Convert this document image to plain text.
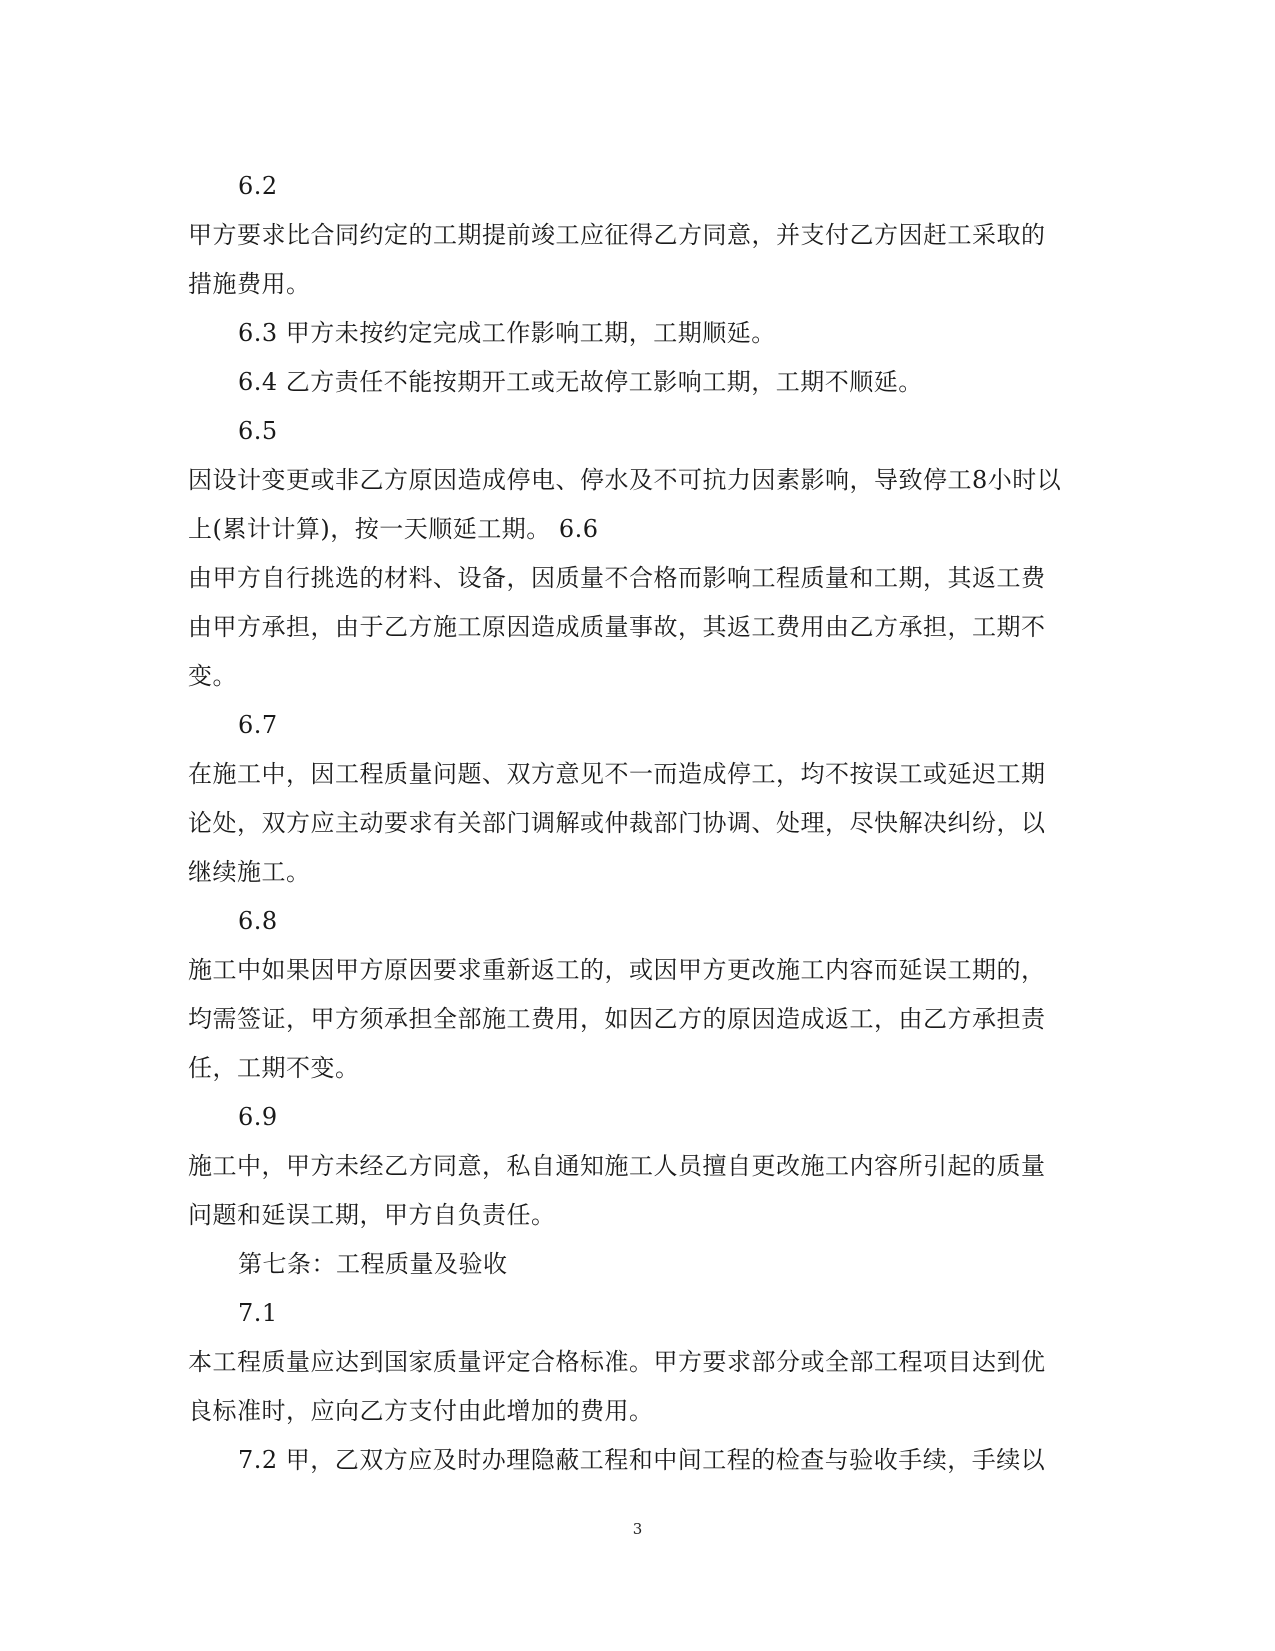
6.2
甲方要求比合同约定的工期提前竣工应征得乙方同意，并支付乙方因赶工采取的
措施费用。
6.3 甲方未按约定完成工作影响工期，工期顺延。
6.4 乙方责任不能按期开工或无故停工影响工期，工期不顺延。
6.5
因设计变更或非乙方原因造成停电、停水及不可抗力因素影响，导致停工8小时以
上(累计计算)，按一天顺延工期。 6.6
由甲方自行挑选的材料、设备，因质量不合格而影响工程质量和工期，其返工费
由甲方承担，由于乙方施工原因造成质量事故，其返工费用由乙方承担，工期不
变。
6.7
在施工中，因工程质量问题、双方意见不一而造成停工，均不按误工或延迟工期
论处，双方应主动要求有关部门调解或仲裁部门协调、处理，尽快解决纠纷，以
继续施工。
6.8
施工中如果因甲方原因要求重新返工的，或因甲方更改施工内容而延误工期的，
均需签证，甲方须承担全部施工费用，如因乙方的原因造成返工，由乙方承担责
任，工期不变。
6.9
施工中，甲方未经乙方同意，私自通知施工人员擅自更改施工内容所引起的质量
问题和延误工期，甲方自负责任。
第七条：工程质量及验收
7.1
本工程质量应达到国家质量评定合格标准。甲方要求部分或全部工程项目达到优
良标准时，应向乙方支付由此增加的费用。
7.2 甲，乙双方应及时办理隐蔽工程和中间工程的检查与验收手续，手续以
3
